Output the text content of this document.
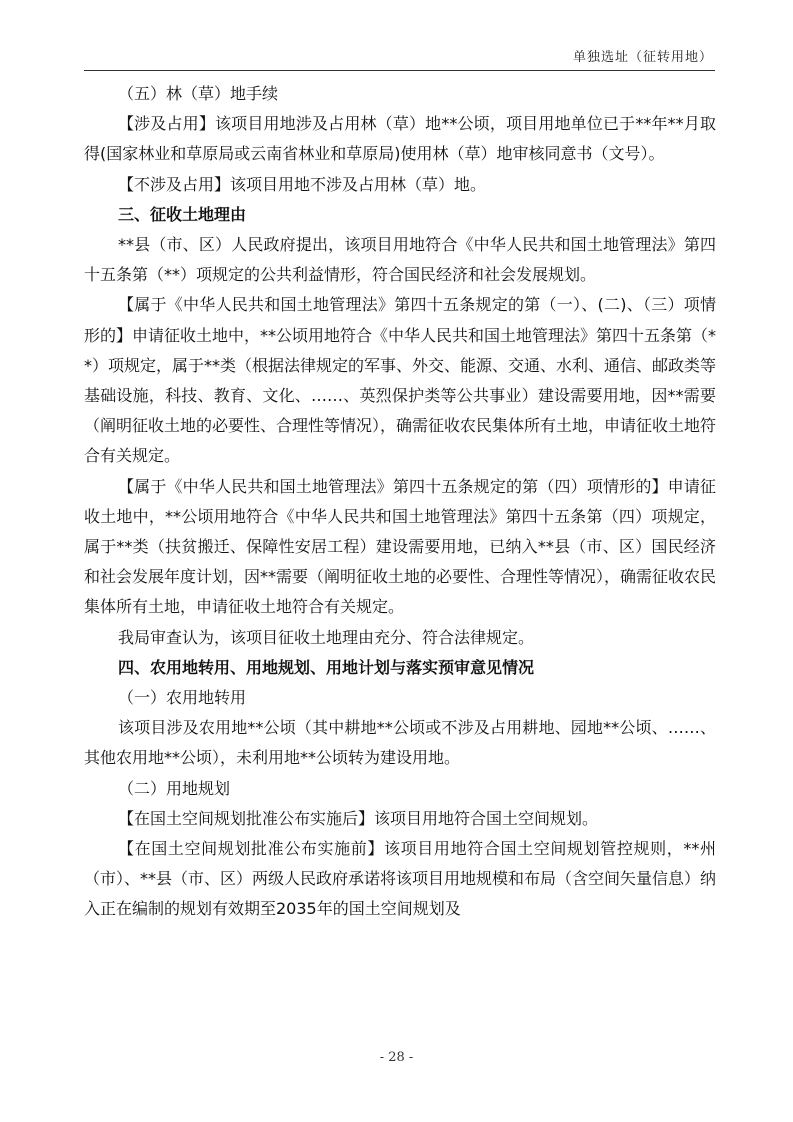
单独选址（征转用地）

（五）林（草）地手续

【涉及占用】该项目用地涉及占用林（草）地**公顷，项目用地单位已于**年**月取得(国家林业和草原局或云南省林业和草原局)使用林（草）地审核同意书（文号）。

【不涉及占用】该项目用地不涉及占用林（草）地。

三、征收土地理由

**县（市、区）人民政府提出，该项目用地符合《中华人民共和国土地管理法》第四十五条第（**）项规定的公共利益情形，符合国民经济和社会发展规划。

【属于《中华人民共和国土地管理法》第四十五条规定的第（一）、(二)、（三）项情形的】申请征收土地中，**公顷用地符合《中华人民共和国土地管理法》第四十五条第（**）项规定，属于**类（根据法律规定的军事、外交、能源、交通、水利、通信、邮政类等基础设施，科技、教育、文化、……、英烈保护类等公共事业）建设需要用地，因**需要（阐明征收土地的必要性、合理性等情况），确需征收农民集体所有土地，申请征收土地符合有关规定。

【属于《中华人民共和国土地管理法》第四十五条规定的第（四）项情形的】申请征收土地中，**公顷用地符合《中华人民共和国土地管理法》第四十五条第（四）项规定，属于**类（扶贫搬迁、保障性安居工程）建设需要用地，已纳入**县（市、区）国民经济和社会发展年度计划，因**需要（阐明征收土地的必要性、合理性等情况），确需征收农民集体所有土地，申请征收土地符合有关规定。

我局审查认为，该项目征收土地理由充分、符合法律规定。

四、农用地转用、用地规划、用地计划与落实预审意见情况

（一）农用地转用

该项目涉及农用地**公顷（其中耕地**公顷或不涉及占用耕地、园地**公顷、……、其他农用地**公顷），未利用地**公顷转为建设用地。

（二）用地规划

【在国土空间规划批准公布实施后】该项目用地符合国土空间规划。

【在国土空间规划批准公布实施前】该项目用地符合国土空间规划管控规则，**州（市）、**县（市、区）两级人民政府承诺将该项目用地规模和布局（含空间矢量信息）纳入正在编制的规划有效期至2035年的国土空间规划及

- 28 -
